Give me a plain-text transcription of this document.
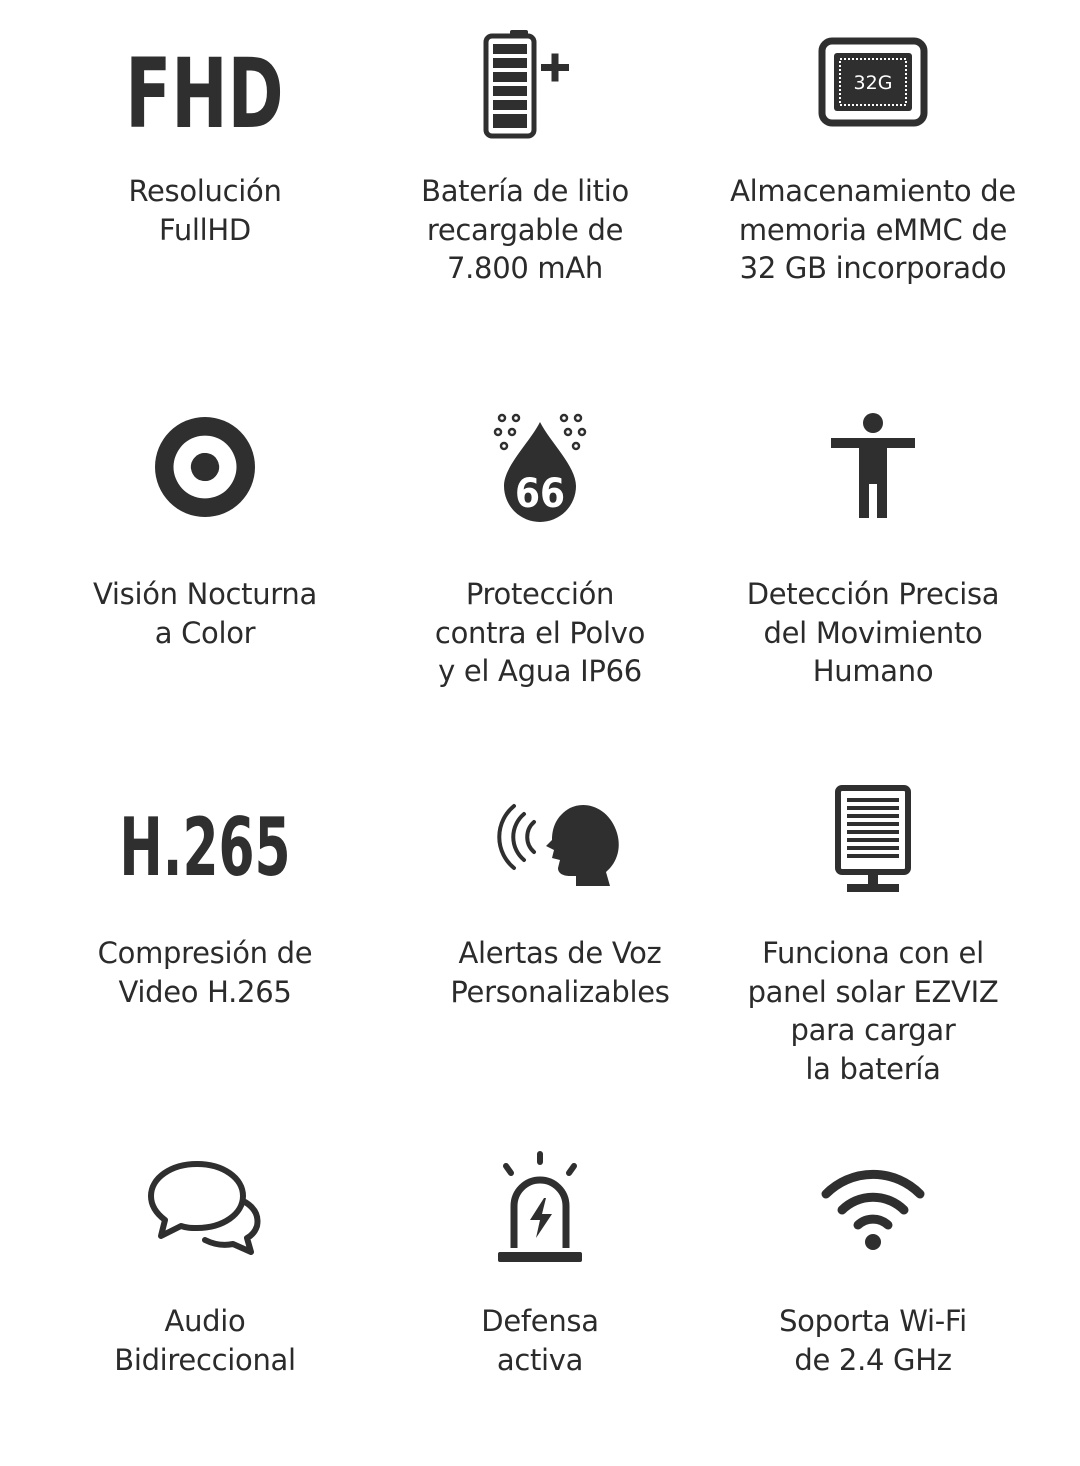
FHD
Resolución
FullHD
Batería de litio
recargable de
7.800 mAh
32G
Almacenamiento de
memoria eMMC de
32 GB incorporado
Visión Nocturna
a Color
66
Protección
contra el Polvo
y el Agua IP66
Detección Precisa
del Movimiento
Humano
H.265
Compresión de
Video H.265
Alertas de Voz
Personalizables
Funciona con el
panel solar EZVIZ
para cargar
la batería
Audio
Bidireccional
Defensa
activa
Soporta Wi-Fi
de 2.4 GHz
